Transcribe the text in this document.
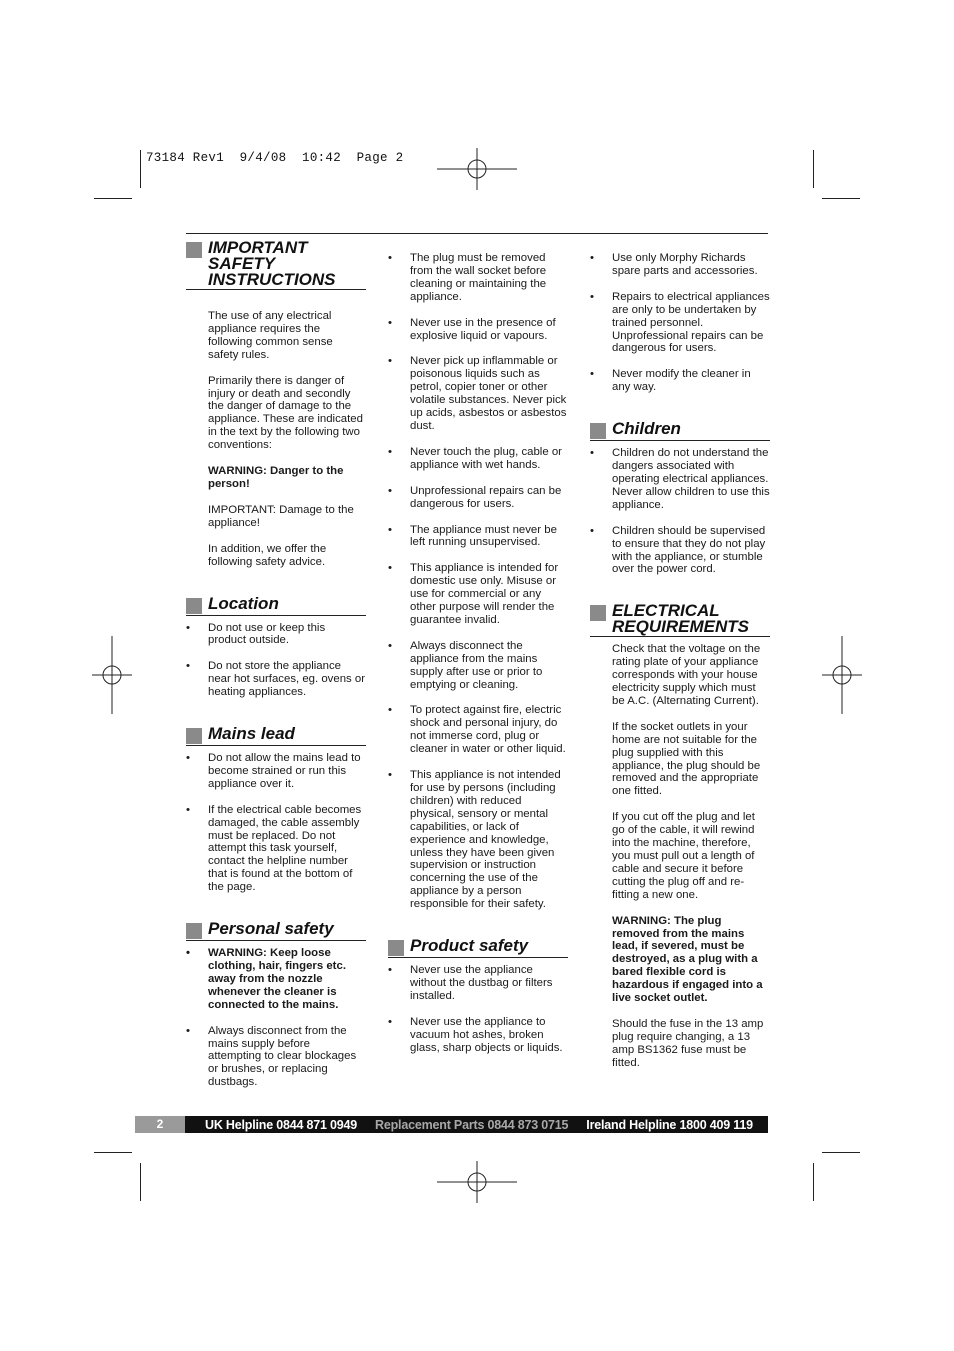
73184 Rev1  9/4/08  10:42  Page 2
IMPORTANT SAFETY INSTRUCTIONS

The use of any electrical appliance requires the following common sense safety rules.

Primarily there is danger of injury or death and secondly the danger of damage to the appliance. These are indicated in the text by the following two conventions:

WARNING: Danger to the person!

IMPORTANT: Damage to the appliance!

In addition, we offer the following safety advice.

Location
• Do not use or keep this product outside.
• Do not store the appliance near hot surfaces, eg. ovens or heating appliances.
Mains lead
• Do not allow the mains lead to become strained or run this appliance over it.
• If the electrical cable becomes damaged, the cable assembly must be replaced. Do not attempt this task yourself, contact the helpline number that is found at the bottom of the page.
Personal safety
• WARNING: Keep loose clothing, hair, fingers etc. away from the nozzle whenever the cleaner is connected to the mains.
• Always disconnect from the mains supply before attempting to clear blockages or brushes, or replacing dustbags.
• The plug must be removed from the wall socket before cleaning or maintaining the appliance.
• Never use in the presence of explosive liquid or vapours.
• Never pick up inflammable or poisonous liquids such as petrol, copier toner or other volatile substances. Never pick up acids, asbestos or asbestos dust.
• Never touch the plug, cable or appliance with wet hands.
• Unprofessional repairs can be dangerous for users.
• The appliance must never be left running unsupervised.
• This appliance is intended for domestic use only. Misuse or use for commercial or any other purpose will render the guarantee invalid.
• Always disconnect the appliance from the mains supply after use or prior to emptying or cleaning.
• To protect against fire, electric shock and personal injury, do not immerse cord, plug or cleaner in water or other liquid.
• This appliance is not intended for use by persons (including children) with reduced physical, sensory or mental capabilities, or lack of experience and knowledge, unless they have been given supervision or instruction concerning the use of the appliance by a person responsible for their safety.
Product safety
• Never use the appliance without the dustbag or filters installed.
• Never use the appliance to vacuum hot ashes, broken glass, sharp objects or liquids.
• Use only Morphy Richards spare parts and accessories.
• Repairs to electrical appliances are only to be undertaken by trained personnel. Unprofessional repairs can be dangerous for users.
• Never modify the cleaner in any way.
Children
• Children do not understand the dangers associated with operating electrical appliances. Never allow children to use this appliance.
• Children should be supervised to ensure that they do not play with the appliance, or stumble over the power cord.
ELECTRICAL REQUIREMENTS

Check that the voltage on the rating plate of your appliance corresponds with your house electricity supply which must be A.C. (Alternating Current).

If the socket outlets in your home are not suitable for the plug supplied with this appliance, the plug should be removed and the appropriate one fitted.

If you cut off the plug and let go of the cable, it will rewind into the machine, therefore, you must pull out a length of cable and secure it before cutting the plug off and re-fitting a new one.

WARNING: The plug removed from the mains lead, if severed, must be destroyed, as a plug with a bared flexible cord is hazardous if engaged into a live socket outlet.

Should the fuse in the 13 amp plug require changing, a 13 amp BS1362 fuse must be fitted.

2	UK Helpline 0844 871 0949 Replacement Parts 0844 873 0715 Ireland Helpline 1800 409 119
